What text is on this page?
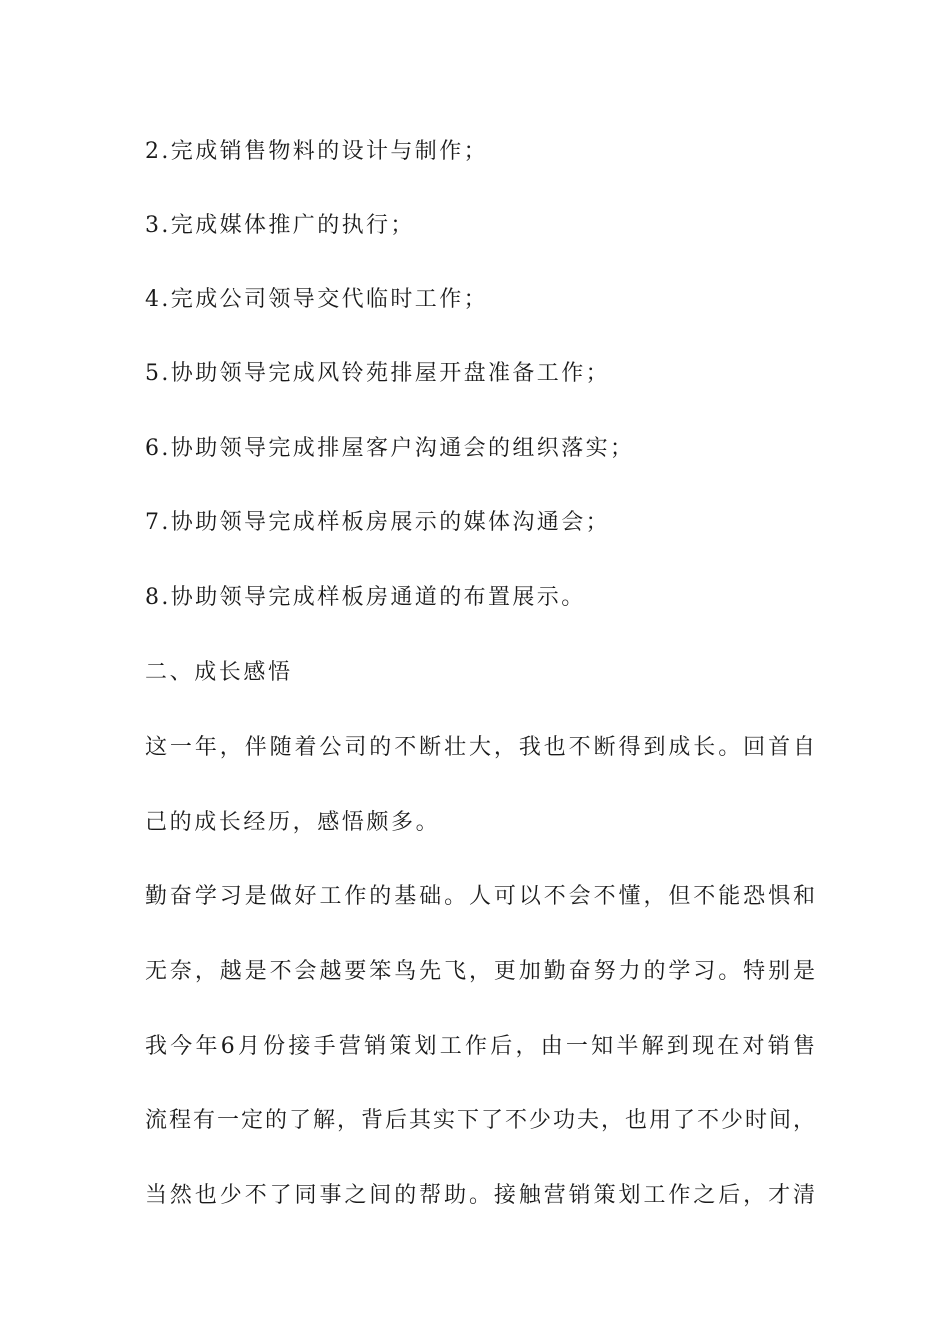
2.完成销售物料的设计与制作；
3.完成媒体推广的执行；
4.完成公司领导交代临时工作；
5.协助领导完成风铃苑排屋开盘准备工作；
6.协助领导完成排屋客户沟通会的组织落实；
7.协助领导完成样板房展示的媒体沟通会；
8.协助领导完成样板房通道的布置展示。
二、成长感悟
这一年，伴随着公司的不断壮大，我也不断得到成长。回首自
己的成长经历，感悟颇多。
勤奋学习是做好工作的基础。人可以不会不懂，但不能恐惧和
无奈，越是不会越要笨鸟先飞，更加勤奋努力的学习。特别是
我今年6月份接手营销策划工作后，由一知半解到现在对销售
流程有一定的了解，背后其实下了不少功夫，也用了不少时间，
当然也少不了同事之间的帮助。接触营销策划工作之后，才清
